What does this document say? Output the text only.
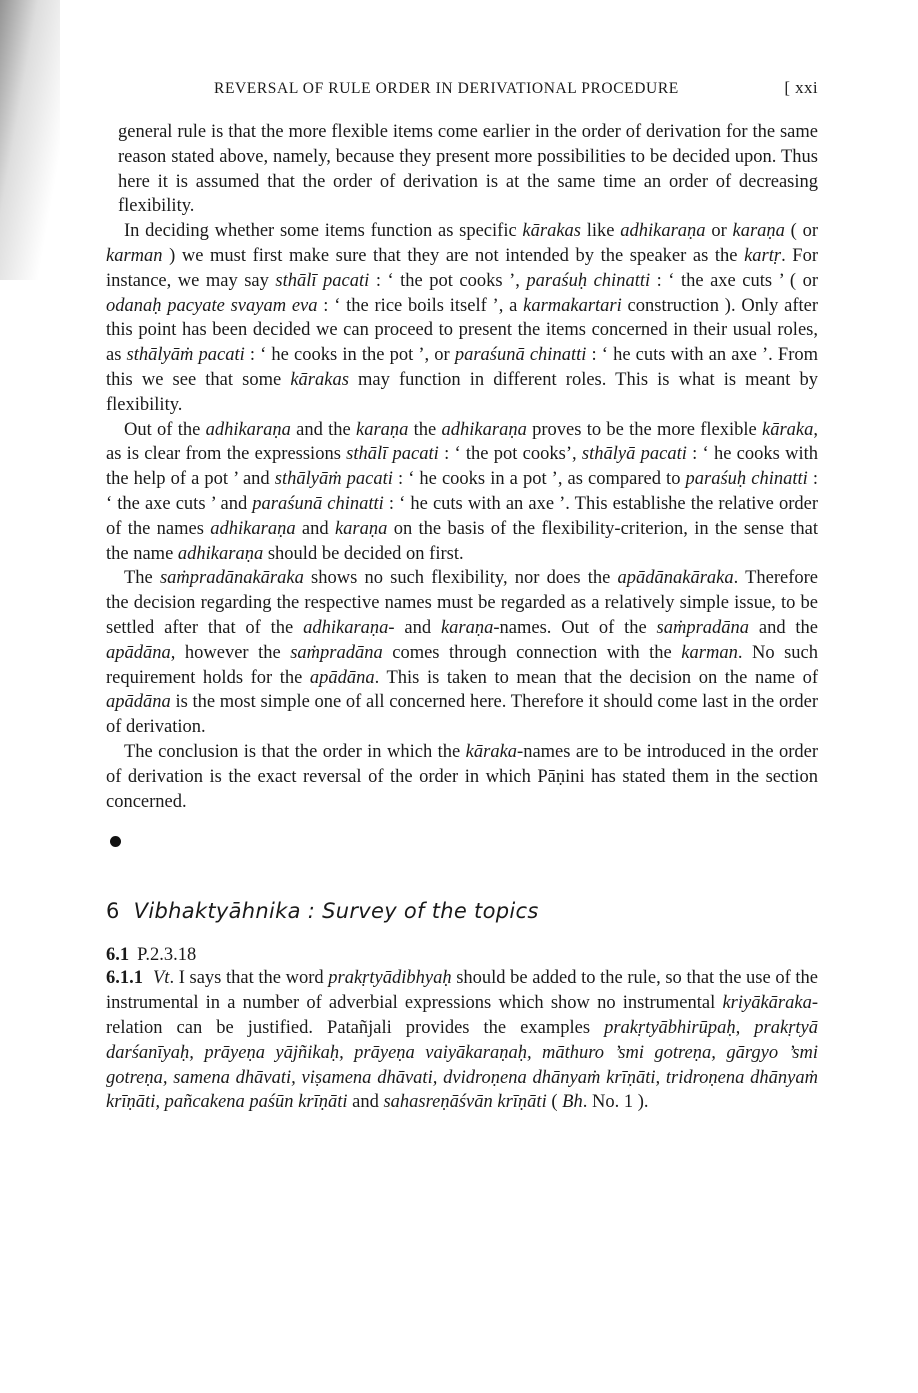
REVERSAL OF RULE ORDER IN DERIVATIONAL PROCEDURE	[ xxi

general rule is that the more flexible items come earlier in the order of derivation for the same reason stated above, namely, because they present more possibilities to be decided upon. Thus here it is assumed that the order of derivation is at the same time an order of decreasing flexibility.

In deciding whether some items function as specific kārakas like adhikaraṇa or karaṇa ( or karman ) we must first make sure that they are not intended by the speaker as the kartṛ. For instance, we may say sthālī pacati : ‘ the pot cooks ’, paraśuḥ chinatti : ‘ the axe cuts ’ ( or odanaḥ pacyate svayam eva : ‘ the rice boils itself ’, a karmakartari construction ). Only after this point has been decided we can proceed to present the items concerned in their usual roles, as sthālyāṁ pacati : ‘ he cooks in the pot ’, or paraśunā chinatti : ‘ he cuts with an axe ’. From this we see that some kārakas may function in different roles. This is what is meant by flexibility.

Out of the adhikaraṇa and the karaṇa the adhikaraṇa proves to be the more flexible kāraka, as is clear from the expressions sthālī pacati : ‘ the pot cooks’, sthālyā pacati : ‘ he cooks with the help of a pot ’ and sthālyāṁ pacati : ‘ he cooks in a pot ’, as compared to paraśuḥ chinatti : ‘ the axe cuts ’ and paraśunā chinatti : ‘ he cuts with an axe ’. This establishe the relative order of the names adhikaraṇa and karaṇa on the basis of the flexibility-criterion, in the sense that the name adhikaraṇa should be decided on first.

The saṁpradānakāraka shows no such flexibility, nor does the apādānakāraka. Therefore the decision regarding the respective names must be regarded as a relatively simple issue, to be settled after that of the adhikaraṇa- and karaṇa-names. Out of the saṁpradāna and the apādāna, however the saṁpradāna comes through connection with the karman. No such requirement holds for the apādāna. This is taken to mean that the decision on the name of apādāna is the most simple one of all concerned here. Therefore it should come last in the order of derivation.

The conclusion is that the order in which the kāraka-names are to be introduced in the order of derivation is the exact reversal of the order in which Pāṇini has stated them in the section concerned.

6 Vibhaktyāhnika : Survey of the topics
6.1 P.2.3.18

6.1.1 Vt. I says that the word prakṛtyādibhyaḥ should be added to the rule, so that the use of the instrumental in a number of adverbial expressions which show no instrumental kriyākāraka-relation can be justified. Patañjali provides the examples prakṛtyābhirūpaḥ, prakṛtyā darśanīyaḥ, prāyeṇa yājñikaḥ, prāyeṇa vaiyākaraṇaḥ, māthuro ’smi gotreṇa, gārgyo ’smi gotreṇa, samena dhāvati, viṣamena dhāvati, dvidroṇena dhānyaṁ krīṇāti, tridroṇena dhānyaṁ krīṇāti, pañcakena paśūn krīṇāti and sahasreṇāśvān krīṇāti ( Bh. No. 1 ).
